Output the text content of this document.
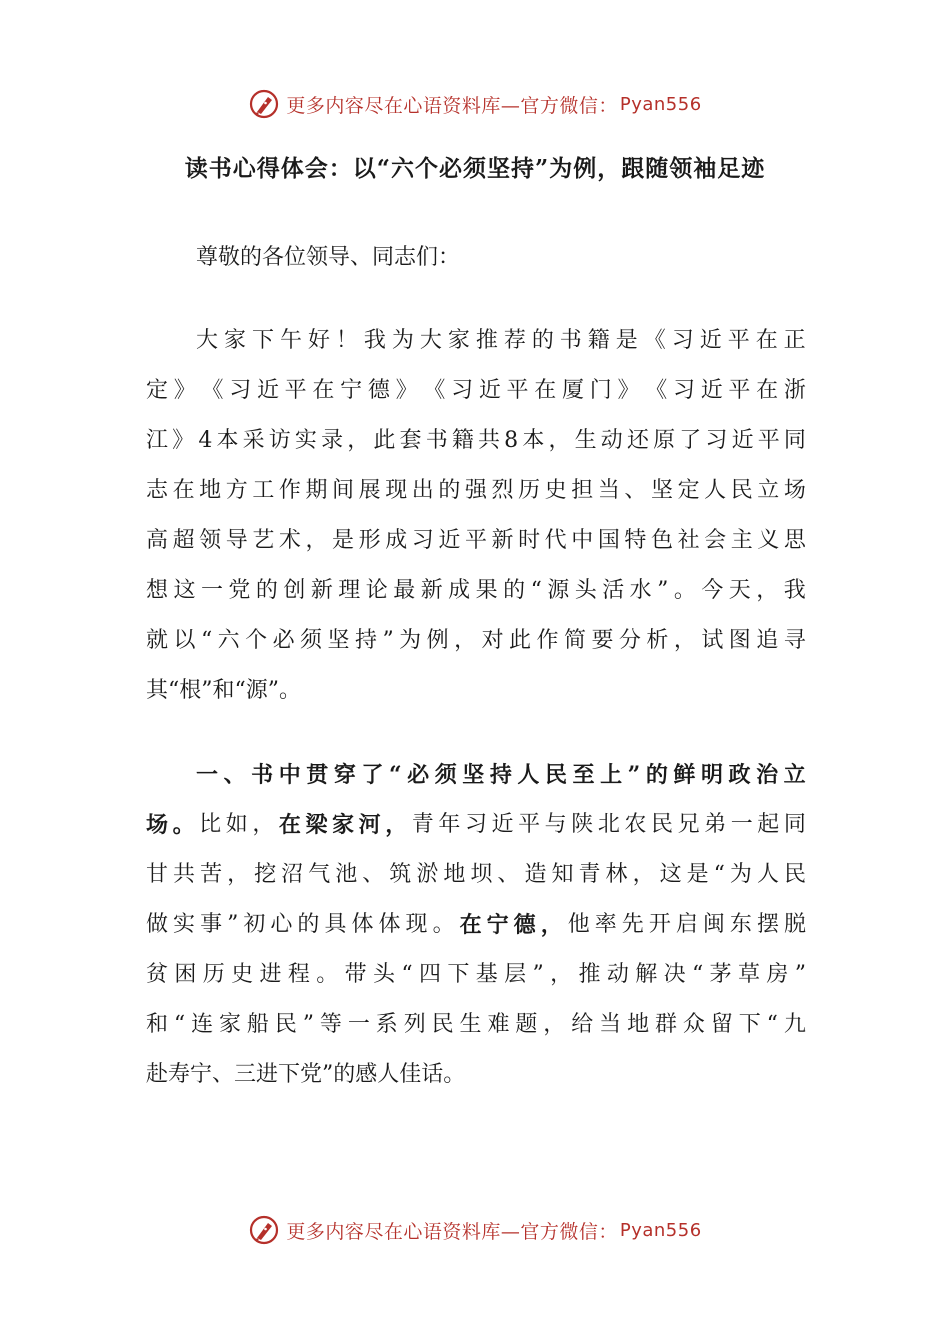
更多内容尽在心语资料库—官方微信： Pyan556
读书心得体会：以“六个必须坚持”为例，跟随领袖足迹
尊敬的各位领导、同志们：
大 家 下 午 好 ！ 我 为 大 家 推 荐 的 书 籍 是 《 习 近 平 在 正
定 》 《 习 近 平 在 宁 德 》 《 习 近 平 在 厦 门 》 《 习 近 平 在 浙
江 》 4 本 采 访 实 录 ， 此 套 书 籍 共 8 本 ， 生 动 还 原 了 习 近 平 同
志 在 地 方 工 作 期 间 展 现 出 的 强 烈 历 史 担 当 、 坚 定 人 民 立 场
高 超 领 导 艺 术 ， 是 形 成 习 近 平 新 时 代 中 国 特 色 社 会 主 义 思
想 这 一 党 的 创 新 理 论 最 新 成 果 的 “ 源 头 活 水 ” 。 今 天 ， 我
就 以 “ 六 个 必 须 坚 持 ” 为 例 ， 对 此 作 简 要 分 析 ， 试 图 追 寻
其“根”和“源”。
一 、 书 中 贯 穿 了 “ 必 须 坚 持 人 民 至 上 ” 的 鲜 明 政 治 立
场 。 比 如 ， 在 梁 家 河 ， 青 年 习 近 平 与 陕 北 农 民 兄 弟 一 起 同
甘 共 苦 ， 挖 沼 气 池 、 筑 淤 地 坝 、 造 知 青 林 ， 这 是 “ 为 人 民
做 实 事 ” 初 心 的 具 体 体 现 。 在 宁 德 ， 他 率 先 开 启 闽 东 摆 脱
贫 困 历 史 进 程 。 带 头 “ 四 下 基 层 ” ， 推 动 解 决 “ 茅 草 房 ”
和 “ 连 家 船 民 ” 等 一 系 列 民 生 难 题 ， 给 当 地 群 众 留 下 “ 九
赴寿宁、三进下党”的感人佳话。
更多内容尽在心语资料库—官方微信： Pyan556
